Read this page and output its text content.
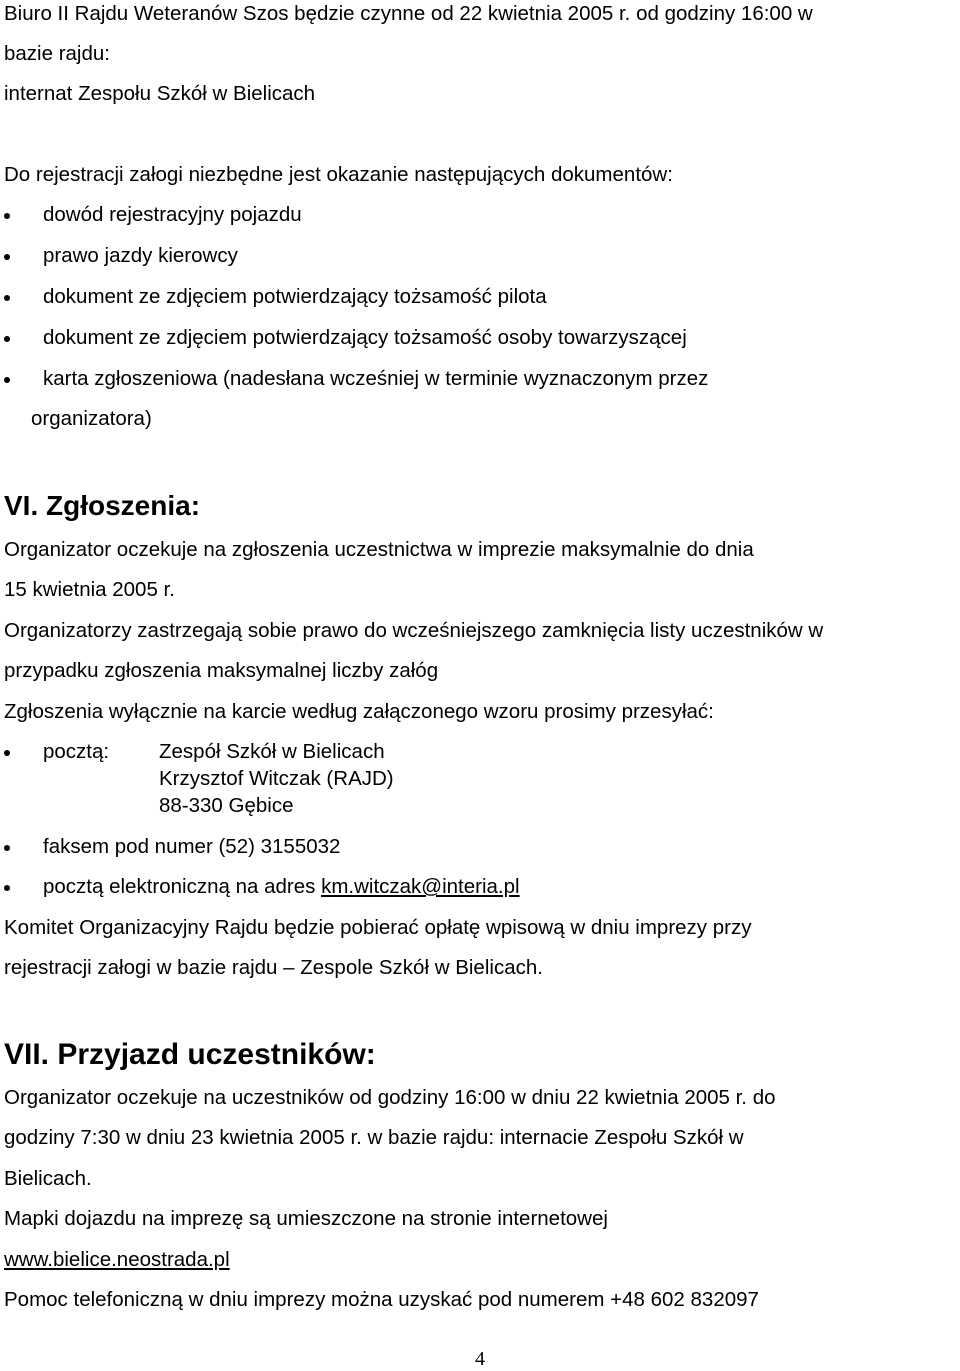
Biuro II Rajdu Weteranów Szos będzie czynne od 22 kwietnia 2005 r. od godziny 16:00 w
bazie rajdu:
internat Zespołu Szkół w Bielicach
Do rejestracji załogi niezbędne jest okazanie następujących dokumentów:
dowód rejestracyjny pojazdu
prawo jazdy kierowcy
dokument ze zdjęciem potwierdzający tożsamość pilota
dokument ze zdjęciem potwierdzający tożsamość osoby towarzyszącej
karta zgłoszeniowa (nadesłana wcześniej w terminie wyznaczonym przez
organizatora)
VI. Zgłoszenia:
Organizator oczekuje na zgłoszenia uczestnictwa w imprezie maksymalnie do dnia
15 kwietnia 2005 r.
Organizatorzy zastrzegają sobie prawo do wcześniejszego zamknięcia listy uczestników w
przypadku zgłoszenia maksymalnej liczby załóg
Zgłoszenia wyłącznie na karcie według załączonego wzoru prosimy przesyłać:
pocztą: Zespół Szkół w Bielicach
Krzysztof Witczak (RAJD)
88-330 Gębice
faksem pod numer (52) 3155032
pocztą elektroniczną na adres km.witczak@interia.pl
Komitet Organizacyjny Rajdu będzie pobierać opłatę wpisową w dniu imprezy przy
rejestracji załogi w bazie rajdu – Zespole Szkół w Bielicach.
VII. Przyjazd uczestników:
Organizator oczekuje na uczestników od godziny 16:00 w dniu 22 kwietnia 2005 r. do
godziny 7:30 w dniu 23 kwietnia 2005 r. w bazie rajdu: internacie Zespołu Szkół w
Bielicach.
Mapki dojazdu na imprezę są umieszczone na stronie internetowej
www.bielice.neostrada.pl
Pomoc telefoniczną w dniu imprezy można uzyskać pod numerem +48 602 832097
4
